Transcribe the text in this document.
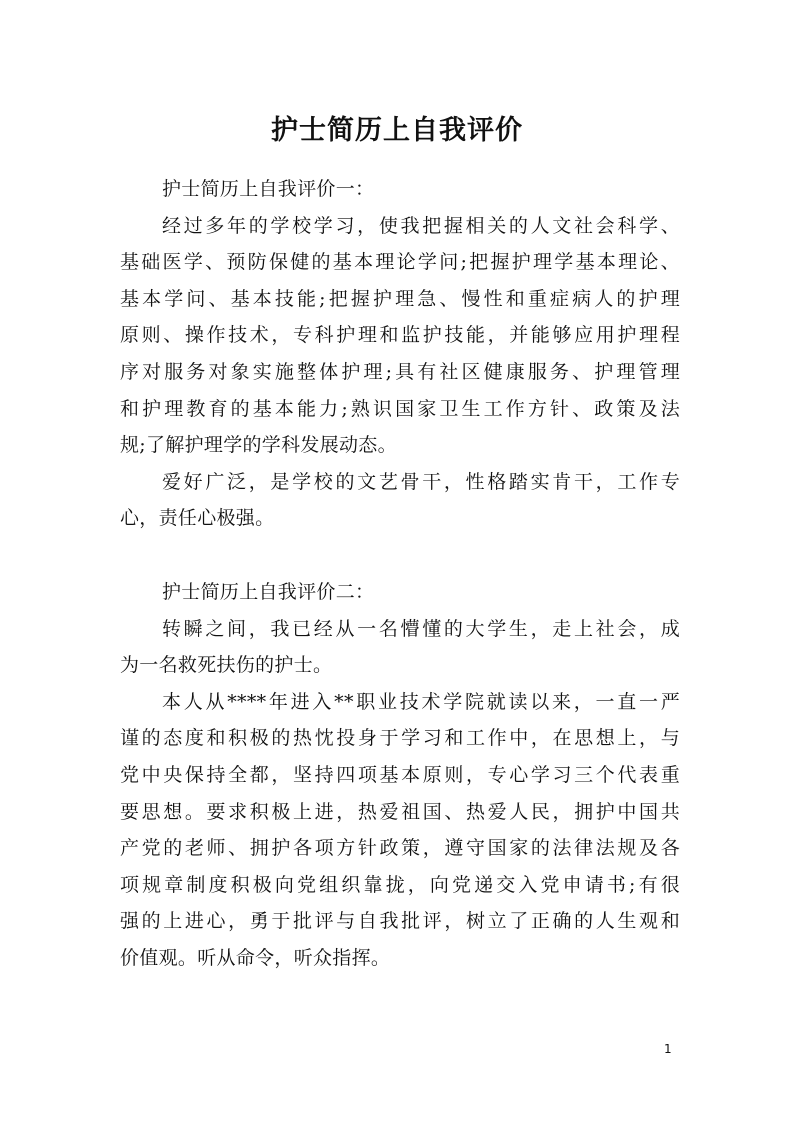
护士简历上自我评价
护士简历上自我评价一：
经过多年的学校学习，使我把握相关的人文社会科学、
基础医学、预防保健的基本理论学问;把握护理学基本理论、
基本学问、基本技能;把握护理急、慢性和重症病人的护理
原则、操作技术，专科护理和监护技能，并能够应用护理程
序对服务对象实施整体护理;具有社区健康服务、护理管理
和护理教育的基本能力;熟识国家卫生工作方针、政策及法
规;了解护理学的学科发展动态。
爱好广泛，是学校的文艺骨干，性格踏实肯干，工作专
心，责任心极强。
护士简历上自我评价二：
转瞬之间，我已经从一名懵懂的大学生，走上社会，成
为一名救死扶伤的护士。
本人从****年进入**职业技术学院就读以来，一直一严
谨的态度和积极的热忱投身于学习和工作中，在思想上，与
党中央保持全都，坚持四项基本原则，专心学习三个代表重
要思想。要求积极上进，热爱祖国、热爱人民，拥护中国共
产党的老师、拥护各项方针政策，遵守国家的法律法规及各
项规章制度积极向党组织靠拢，向党递交入党申请书;有很
强的上进心，勇于批评与自我批评，树立了正确的人生观和
价值观。听从命令，听众指挥。
1
